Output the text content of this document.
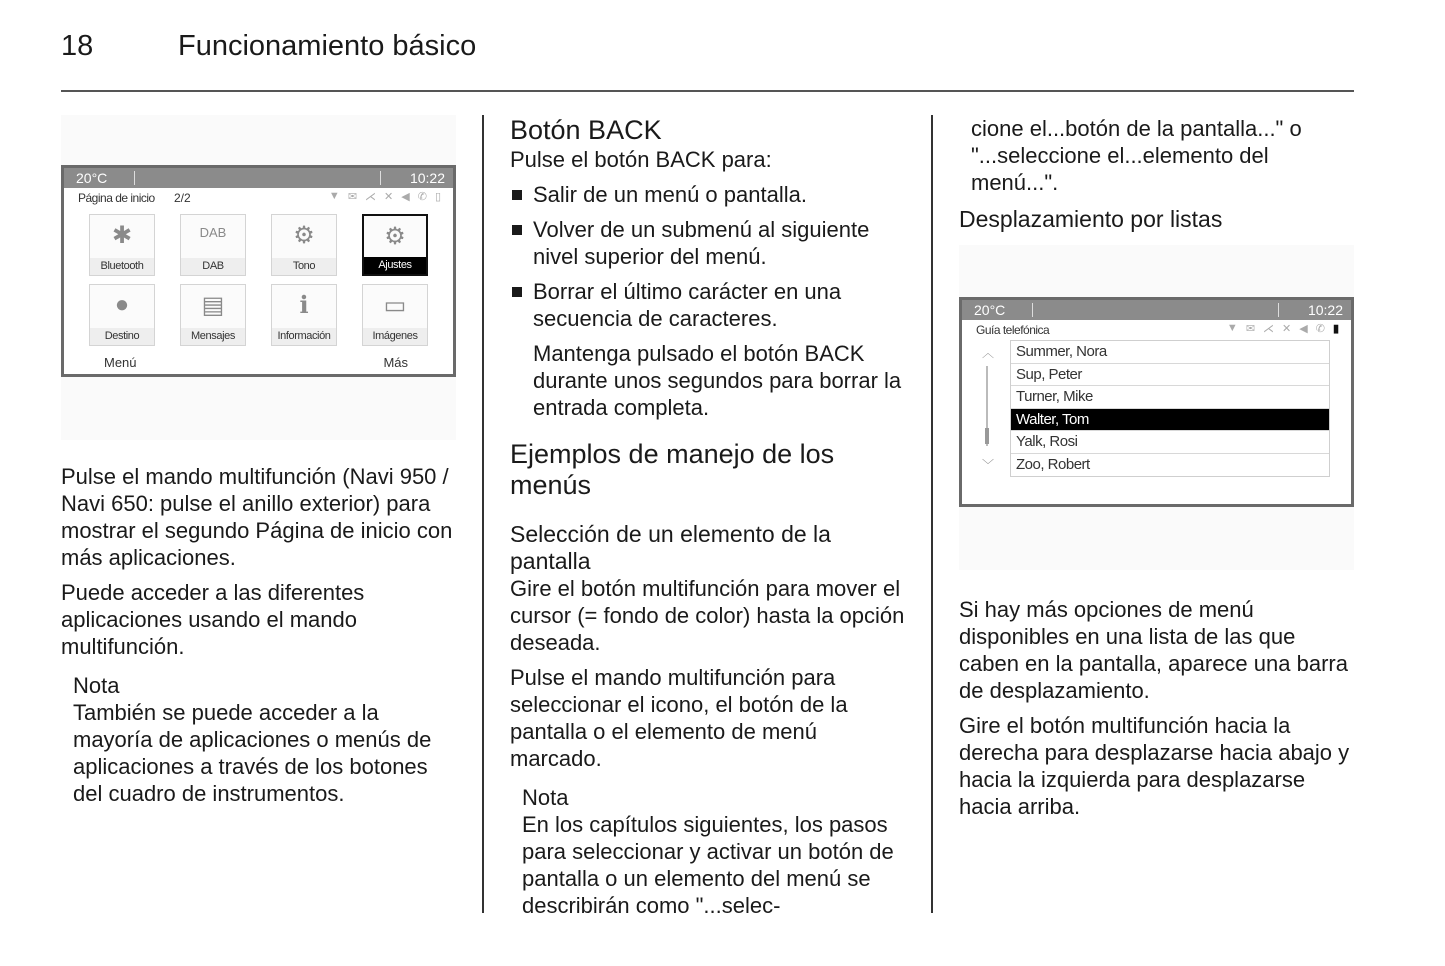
18	Funcionamiento básico
20°C	10:22
Página de inicio 2/2	▼ ✉ ⋌ ✕ ◀ ✆ ▯
✱
Bluetooth
DAB
DAB
⚙
Tono
⚙
Ajustes
●
Destino
▤
Mensajes
ℹ
Información
▭
Imágenes
Menú	Más

Pulse el mando multifunción (Navi 950 / Navi 650: pulse el anillo exterior) para mostrar el segundo Página de inicio con más aplicaciones.

Puede acceder a las diferentes aplicaciones usando el mando multifunción.

Nota

También se puede acceder a la mayoría de aplicaciones o menús de aplicaciones a través de los botones del cuadro de instrumentos.

Botón BACK

Pulse el botón BACK para:

Salir de un menú o pantalla.
Volver de un submenú al siguiente nivel superior del menú.
Borrar el último carácter en una secuencia de caracteres.

Mantenga pulsado el botón BACK durante unos segundos para borrar la entrada completa.

Ejemplos de manejo de los menús
Selección de un elemento de la pantalla

Gire el botón multifunción para mover el cursor (= fondo de color) hasta la opción deseada.

Pulse el mando multifunción para seleccionar el icono, el botón de la pantalla o el elemento de menú marcado.

Nota

En los capítulos siguientes, los pasos para seleccionar y activar un botón de pantalla o un elemento del menú se describirán como "...selec-

cione el...botón de la pantalla..." o "...seleccione el...elemento del menú...".

Desplazamiento por listas
20°C	10:22
Guía telefónica	▼ ✉ ⋌ ✕ ◀ ✆ ▮
︿
﹀
Summer, Nora
Sup, Peter
Turner, Mike
Walter, Tom
Yalk, Rosi
Zoo, Robert

Si hay más opciones de menú disponibles en una lista de las que caben en la pantalla, aparece una barra de desplazamiento.

Gire el botón multifunción hacia la derecha para desplazarse hacia abajo y hacia la izquierda para desplazarse hacia arriba.
